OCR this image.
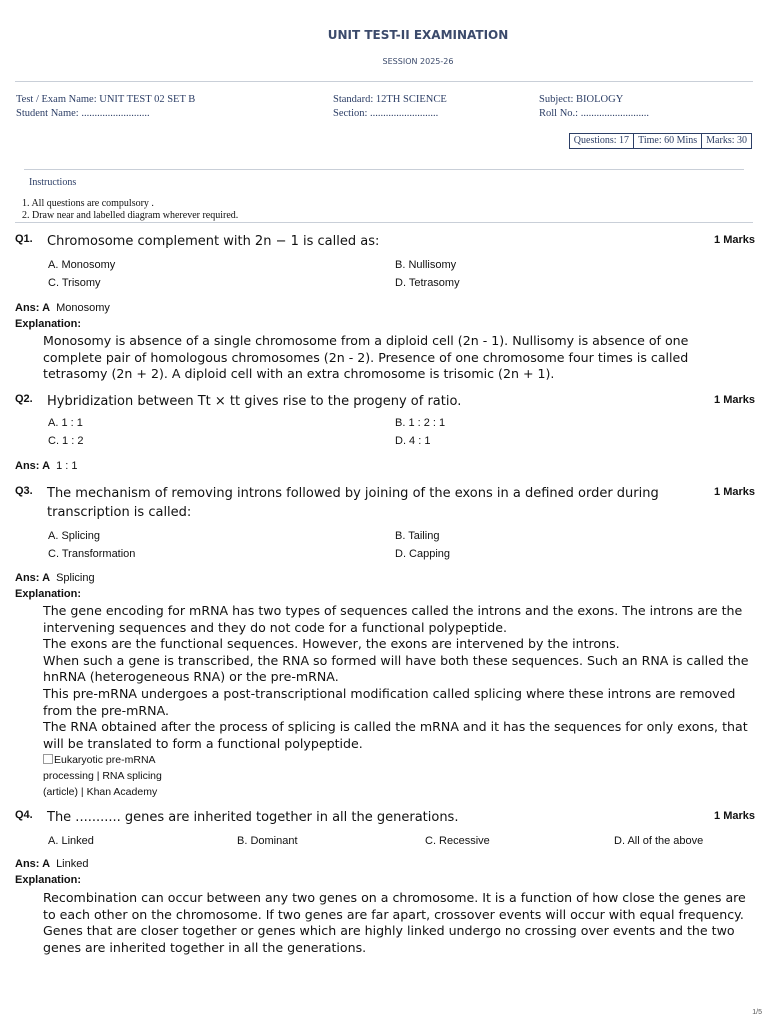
UNIT TEST-II EXAMINATION
SESSION 2025-26
Test / Exam Name: UNIT TEST 02 SET B
Student Name: ..........................
Standard: 12TH SCIENCE
Section: ..........................
Subject: BIOLOGY
Roll No.: ..........................
Questions: 17 Time: 60 Mins Marks: 30
Instructions
1. All questions are compulsory .
2. Draw near and labelled diagram wherever required.
Q1. Chromosome complement with 2n − 1 is called as:	1 Marks
A. Monosomy	B. Nullisomy
C. Trisomy	D. Tetrasomy
Ans: A Monosomy
Explanation:

Monosomy is absence of a single chromosome from a diploid cell (2n - 1). Nullisomy is absence of one complete pair of homologous chromosomes (2n - 2). Presence of one chromosome four times is called tetrasomy (2n + 2). A diploid cell with an extra chromosome is trisomic (2n + 1).

Q2. Hybridization between Tt × tt gives rise to the progeny of ratio.	1 Marks
A. 1 : 1	B. 1 : 2 : 1
C. 1 : 2	D. 4 : 1
Ans: A 1 : 1
Q3. The mechanism of removing introns followed by joining of the exons in a defined order during transcription is called:
1 Marks
A. Splicing	B. Tailing
C. Transformation	D. Capping
Ans: A Splicing
Explanation:

The gene encoding for mRNA has two types of sequences called the introns and the exons. The introns are the intervening sequences and they do not code for a functional polypeptide.

The exons are the functional sequences. However, the exons are intervened by the introns.

When such a gene is transcribed, the RNA so formed will have both these sequences. Such an RNA is called the hnRNA (heterogeneous RNA) or the pre-mRNA.

This pre-mRNA undergoes a post-transcriptional modification called splicing where these introns are removed from the pre-mRNA.

The RNA obtained after the process of splicing is called the mRNA and it has the sequences for only exons, that will be translated to form a functional polypeptide.

Eukaryotic pre-mRNA processing | RNA splicing (article) | Khan Academy
Q4. The ........... genes are inherited together in all the generations.	1 Marks
A. Linked	B. Dominant	C. Recessive	D. All of the above
Ans: A Linked
Explanation:

Recombination can occur between any two genes on a chromosome. It is a function of how close the genes are to each other on the chromosome. If two genes are far apart, crossover events will occur with equal frequency. Genes that are closer together or genes which are highly linked undergo no crossing over events and the two genes are inherited together in all the generations.

1/5
